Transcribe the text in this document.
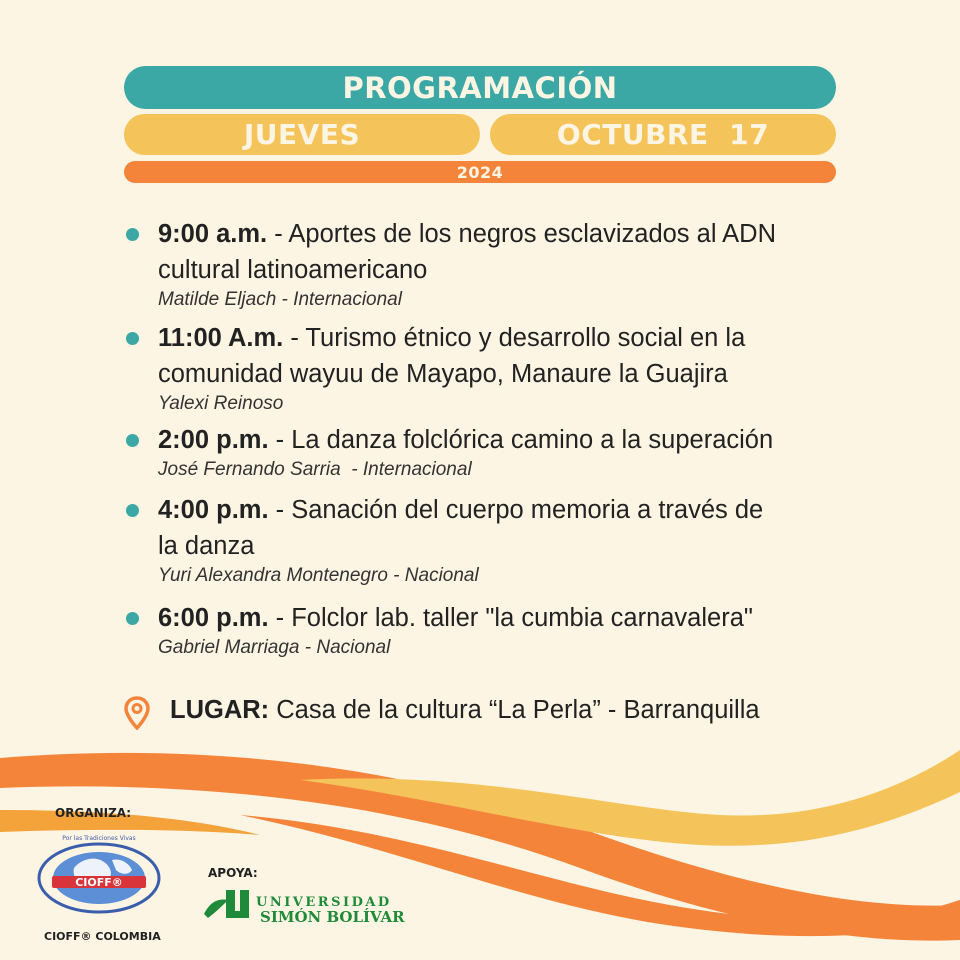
PROGRAMACIÓN
JUEVES	OCTUBRE  17
2024
9:00 a.m. - Aportes de los negros esclavizados al ADN
cultural latinoamericano
Matilde Eljach - Internacional
11:00 A.m. - Turismo étnico y desarrollo social en la
comunidad wayuu de Mayapo, Manaure la Guajira
Yalexi Reinoso
2:00 p.m. - La danza folclórica camino a la superación
José Fernando Sarria  - Internacional
4:00 p.m. - Sanación del cuerpo memoria a través de
la danza
Yuri Alexandra Montenegro - Nacional
6:00 p.m. - Folclor lab. taller "la cumbia carnavalera"
Gabriel Marriaga - Nacional
LUGAR: Casa de la cultura “La Perla” - Barranquilla
ORGANIZA:
APOYA:
CIOFF®
Por las Tradiciones Vivas
CIOFF® COLOMBIA
UNIVERSIDAD
SIMÓN BOLÍVAR
